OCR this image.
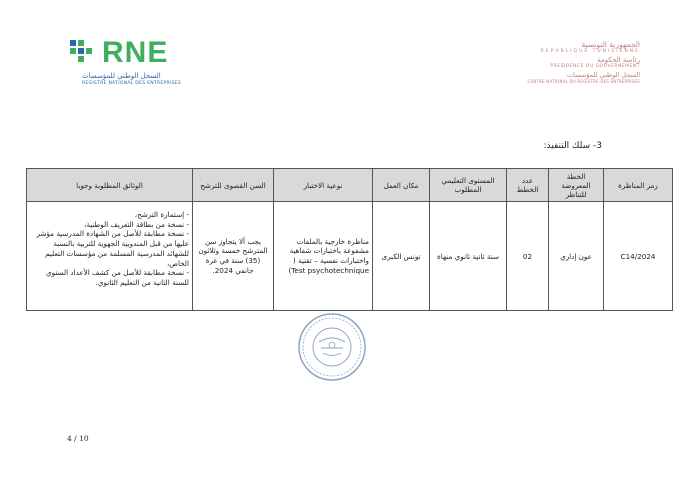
RNE
السجل الوطني للمؤسسات
REGISTRE NATIONAL DES ENTREPRISES
الجمهورية التونسية
REPUBLIQUE TUNISIENNE
رئاسة الحكومة
PRESIDENCE DU GOUVERNEMENT
السجل الوطني للمؤسسات
CENTRE NATIONAL DU REGISTRE DES ENTREPRISES
3- سلك التنفيذ:
رمز المناظرة	الخطة المعروضة للتناظر	عدد الخطط	المستوى التعليمي المطلوب	مكان العمل	نوعية الاختبار	السن القصوى للترشح	الوثائق المطلوبة وجوبا
C14/2024	عون إداري	02	سنة ثانية ثانوي منهاة	تونس الكبرى	مناظرة خارجية بالملفات مشفوعة باختبارات شفاهية واختبارات نفسية – تقنية ( Test psychotechnique)	يجب ألا يتجاوز سن المترشح خمسة وثلاثون (35) سنة في غرة جانفي 2024.	- إستمارة الترشح،
- نسخة من بطاقة التعريف الوطنية،
- نسخة مطابقة للأصل من الشهادة المدرسية مؤشر عليها من قبل المندوبية الجهوية للتربية بالنسبة للشهائد المدرسية المسلمة من مؤسسات التعليم الخاص،
- نسخة مطابقة للأصل من كشف الأعداد السنوي للسنة الثانية من التعليم الثانوي.
4 / 10
